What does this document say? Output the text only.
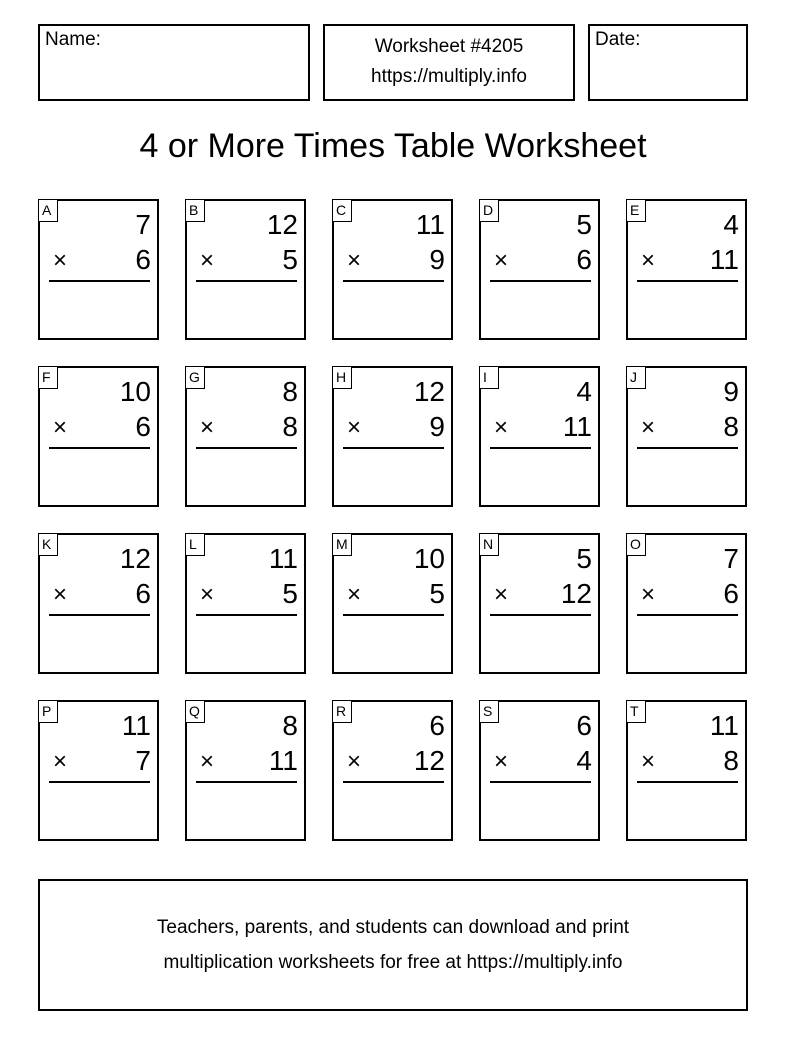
Name:	Worksheet #4205
https://multiply.info
Date:
4 or More Times Table Worksheet
A	7
× 6
B 12
× 5
C 11
× 9
D	5
× 6
E	4
× 11
F 10
× 6
G	8
× 8
H 12
× 9
I	4
× 11
J	9
× 8
K 12
× 6
L	11
× 5
M 10
× 5
N	5
× 12
O	7
× 6
P	11
× 7
Q	8
× 11
R	6
× 12
S	6
× 4
T	11
× 8
Teachers, parents, and students can download and print
multiplication worksheets for free at https://multiply.info
